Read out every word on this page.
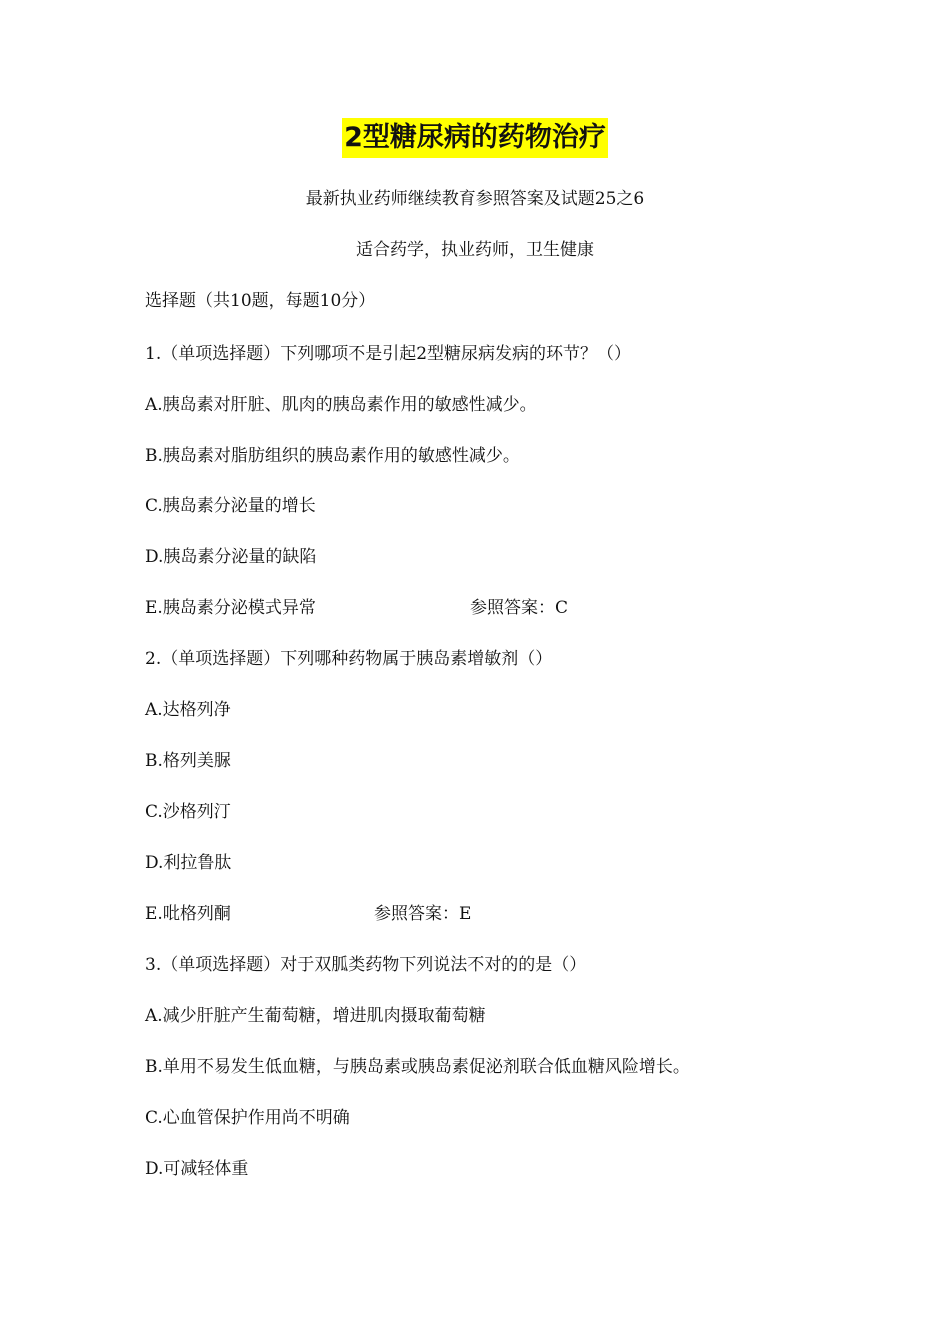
2型糖尿病的药物治疗
最新执业药师继续教育参照答案及试题25之6
适合药学，执业药师，卫生健康
选择题（共10题，每题10分）
1.（单项选择题）下列哪项不是引起2型糖尿病发病的环节？（）
A.胰岛素对肝脏、肌肉的胰岛素作用的敏感性减少。
B.胰岛素对脂肪组织的胰岛素作用的敏感性减少。
C.胰岛素分泌量的增长
D.胰岛素分泌量的缺陷
E.胰岛素分泌模式异常	参照答案：C
2.（单项选择题）下列哪种药物属于胰岛素增敏剂（）
A.达格列净
B.格列美脲
C.沙格列汀
D.利拉鲁肽
E.吡格列酮	参照答案：E
3.（单项选择题）对于双胍类药物下列说法不对的的是（）
A.减少肝脏产生葡萄糖，增进肌肉摄取葡萄糖
B.单用不易发生低血糖，与胰岛素或胰岛素促泌剂联合低血糖风险增长。
C.心血管保护作用尚不明确
D.可减轻体重
